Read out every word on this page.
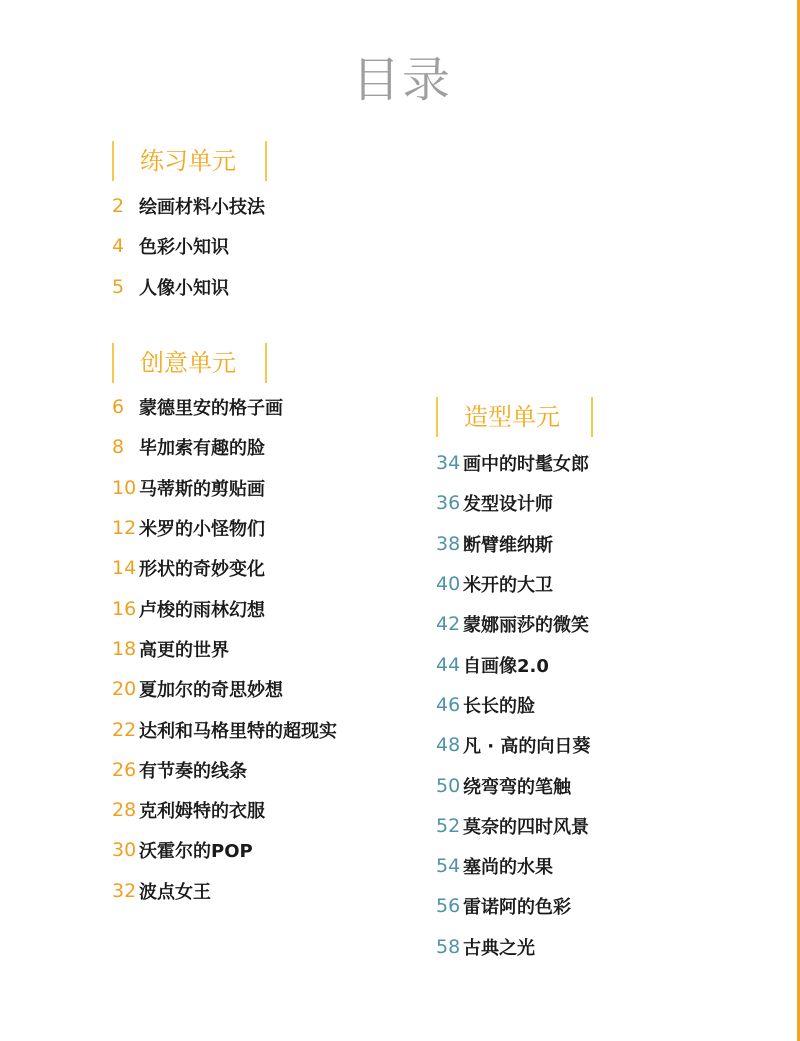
目录
练习单元
2 绘画材料小技法
4 色彩小知识
5 人像小知识
创意单元
6 蒙德里安的格子画
8 毕加索有趣的脸
10 马蒂斯的剪贴画
12 米罗的小怪物们
14 形状的奇妙变化
16 卢梭的雨林幻想
18 高更的世界
20 夏加尔的奇思妙想
22 达利和马格里特的超现实
26 有节奏的线条
28 克利姆特的衣服
30 沃霍尔的POP
32 波点女王
造型单元
34 画中的时髦女郎
36 发型设计师
38 断臂维纳斯
40 米开的大卫
42 蒙娜丽莎的微笑
44 自画像2.0
46 长长的脸
48 凡 · 高的向日葵
50 绕弯弯的笔触
52 莫奈的四时风景
54 塞尚的水果
56 雷诺阿的色彩
58 古典之光
